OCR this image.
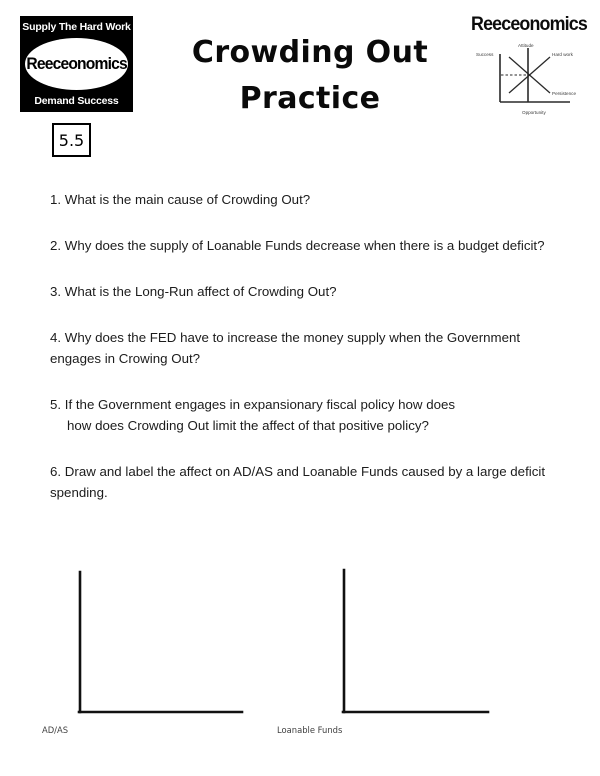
Supply The Hard Work
Reeceonomics
Demand Success
5.5
Crowding Out
Practice
Reeceonomics
Success
Attitude
Hard work
Persistence
Opportunity
1. What is the main cause of Crowding Out?
2. Why does the supply of Loanable Funds decrease when there is a budget deficit?
3. What is the Long-Run affect of Crowding Out?
4. Why does the FED have to increase the money supply when the Government engages in Crowing Out?
5. If the Government engages in expansionary fiscal policy how does
how does Crowding Out limit the affect of that positive policy?
6. Draw and label the affect on AD/AS and Loanable Funds caused by a large deficit spending.
AD/AS	Loanable Funds
